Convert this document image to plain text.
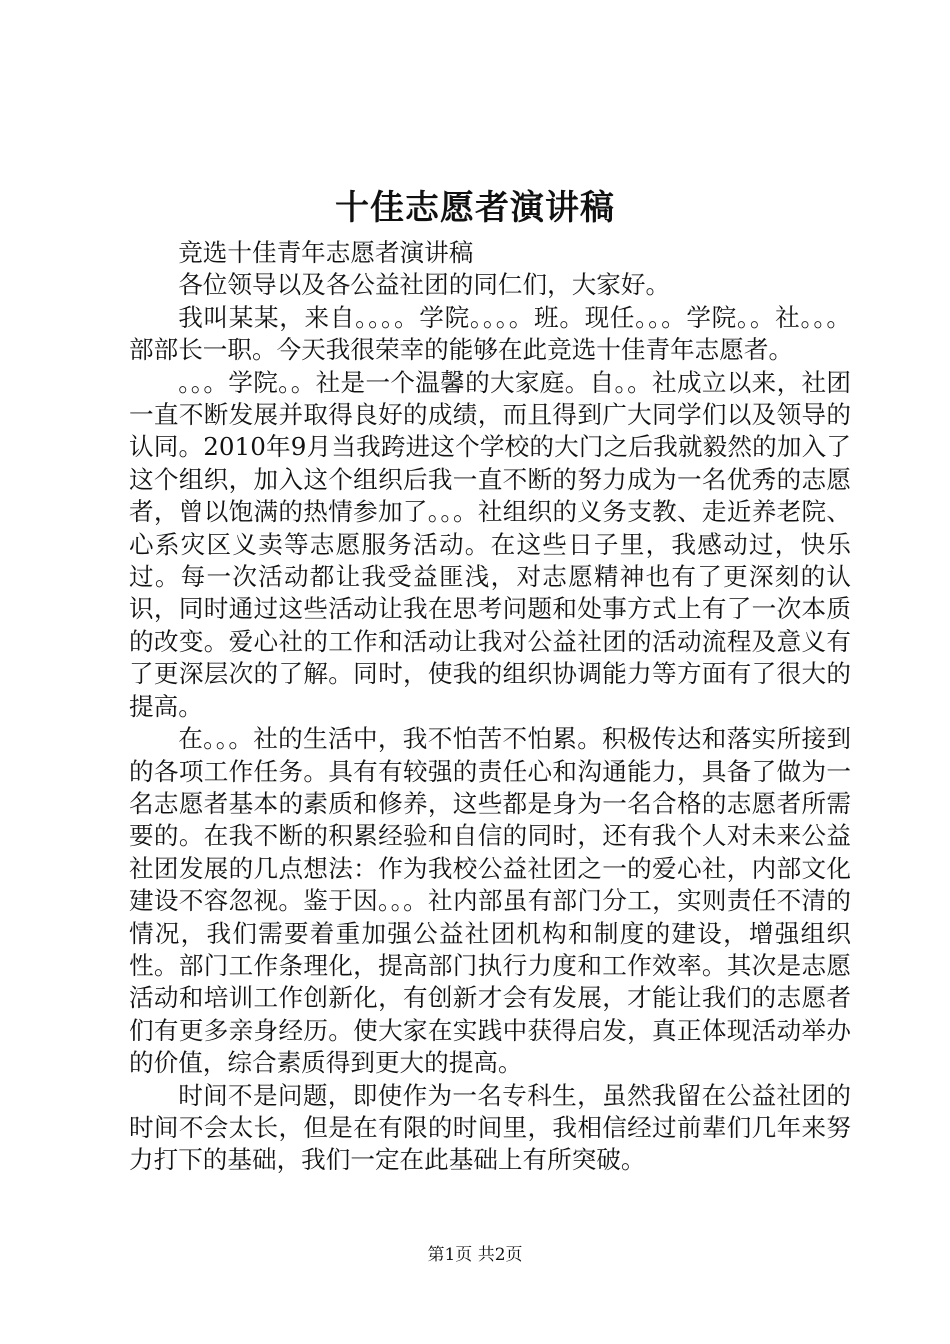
十佳志愿者演讲稿

竞选十佳青年志愿者演讲稿

各位领导以及各公益社团的同仁们，大家好。

我叫某某，来自。。。。学院。。。。班。现任。。。学院。。社。。。部部长一职。今天我很荣幸的能够在此竞选十佳青年志愿者。

。。。学院。。社是一个温馨的大家庭。自。。社成立以来，社团一直不断发展并取得良好的成绩，而且得到广大同学们以及领导的认同。2010年9月当我跨进这个学校的大门之后我就毅然的加入了这个组织，加入这个组织后我一直不断的努力成为一名优秀的志愿者，曾以饱满的热情参加了。。。社组织的义务支教、走近养老院、心系灾区义卖等志愿服务活动。在这些日子里，我感动过，快乐过。每一次活动都让我受益匪浅，对志愿精神也有了更深刻的认识，同时通过这些活动让我在思考问题和处事方式上有了一次本质的改变。爱心社的工作和活动让我对公益社团的活动流程及意义有了更深层次的了解。同时，使我的组织协调能力等方面有了很大的提高。

在。。。社的生活中，我不怕苦不怕累。积极传达和落实所接到的各项工作任务。具有有较强的责任心和沟通能力，具备了做为一名志愿者基本的素质和修养，这些都是身为一名合格的志愿者所需要的。在我不断的积累经验和自信的同时，还有我个人对未来公益社团发展的几点想法：作为我校公益社团之一的爱心社，内部文化建设不容忽视。鉴于因。。。社内部虽有部门分工，实则责任不清的情况，我们需要着重加强公益社团机构和制度的建设，增强组织性。部门工作条理化，提高部门执行力度和工作效率。其次是志愿活动和培训工作创新化，有创新才会有发展，才能让我们的志愿者们有更多亲身经历。使大家在实践中获得启发，真正体现活动举办的价值，综合素质得到更大的提高。

时间不是问题，即使作为一名专科生，虽然我留在公益社团的时间不会太长，但是在有限的时间里，我相信经过前辈们几年来努力打下的基础，我们一定在此基础上有所突破。

第1页 共2页
